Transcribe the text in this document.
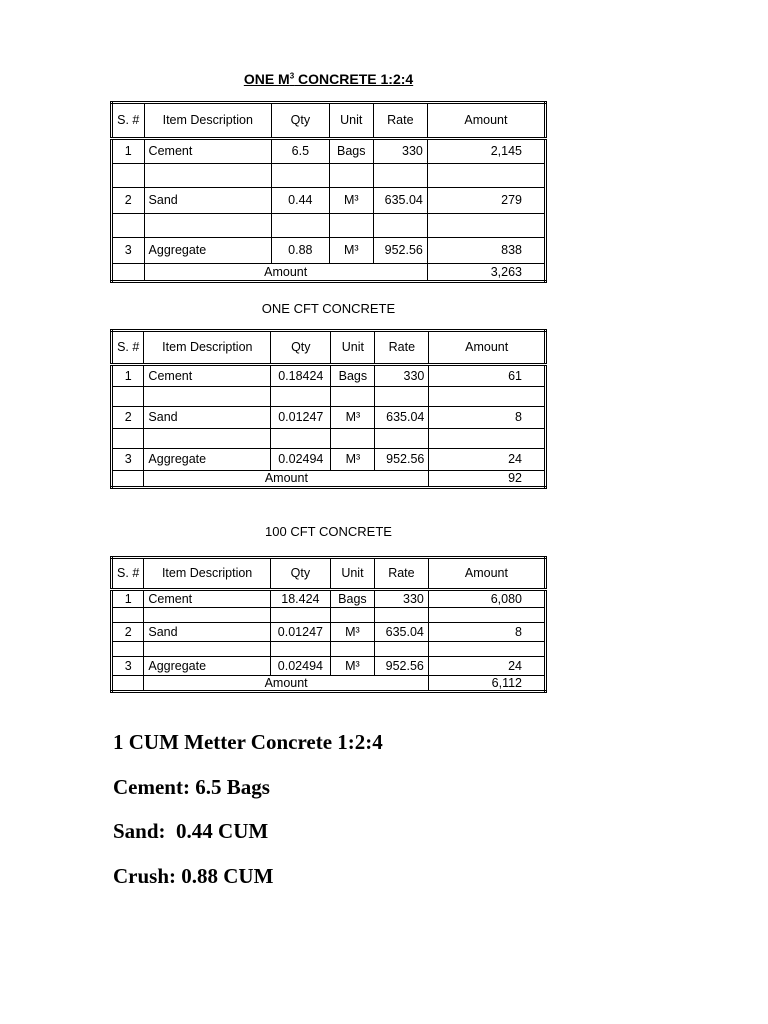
ONE $M^3$ CONCRETE 1:2:4
S. #	Item Description	Qty	Unit	Rate	Amount
1	Cement	6.5	Bags	330	2,145

2	Sand	0.44	M³	635.04	279

3	Aggregate	0.88	M³	952.56	838
	Amount				3,263
ONE CFT CONCRETE
S. #	Item Description	Qty	Unit	Rate	Amount
1	Cement	0.18424	Bags	330	61

2	Sand	0.01247	M³	635.04	8

3	Aggregate	0.02494	M³	952.56	24
	Amount				92
100 CFT CONCRETE
S. #	Item Description	Qty	Unit	Rate	Amount
1	Cement	18.424	Bags	330	6,080

2	Sand	0.01247	M³	635.04	8

3	Aggregate	0.02494	M³	952.56	24
	Amount				6,112

1 CUM Metter Concrete 1:2:4

Cement: 6.5 Bags

Sand:  0.44 CUM

Crush: 0.88 CUM
